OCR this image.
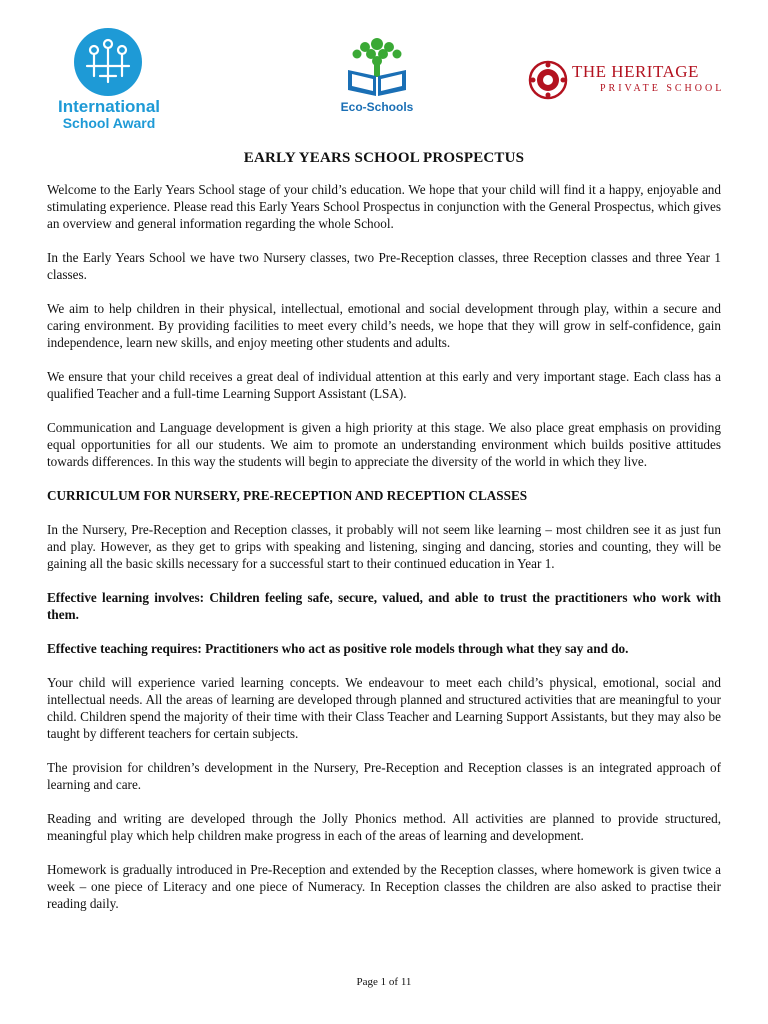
International
School Award
Eco-Schools
THE HERITAGE
PRIVATE SCHOOL
EARLY YEARS SCHOOL PROSPECTUS

Welcome to the Early Years School stage of your child’s education. We hope that your child will find it a happy, enjoyable and stimulating experience. Please read this Early Years School Prospectus in conjunction with the General Prospectus, which gives an overview and general information regarding the whole School.

In the Early Years School we have two Nursery classes, two Pre-Reception classes, three Reception classes and three Year 1 classes.

We aim to help children in their physical, intellectual, emotional and social development through play, within a secure and caring environment. By providing facilities to meet every child’s needs, we hope that they will grow in self-confidence, gain independence, learn new skills, and enjoy meeting other students and adults.

We ensure that your child receives a great deal of individual attention at this early and very important stage. Each class has a qualified Teacher and a full-time Learning Support Assistant (LSA).

Communication and Language development is given a high priority at this stage. We also place great emphasis on providing equal opportunities for all our students. We aim to promote an understanding environment which builds positive attitudes towards differences. In this way the students will begin to appreciate the diversity of the world in which they live.

CURRICULUM FOR NURSERY, PRE-RECEPTION AND RECEPTION CLASSES

In the Nursery, Pre-Reception and Reception classes, it probably will not seem like learning – most children see it as just fun and play. However, as they get to grips with speaking and listening, singing and dancing, stories and counting, they will be gaining all the basic skills necessary for a successful start to their continued education in Year 1.

Effective learning involves: Children feeling safe, secure, valued, and able to trust the practitioners who work with them.

Effective teaching requires: Practitioners who act as positive role models through what they say and do.

Your child will experience varied learning concepts. We endeavour to meet each child’s physical, emotional, social and intellectual needs. All the areas of learning are developed through planned and structured activities that are meaningful to your child. Children spend the majority of their time with their Class Teacher and Learning Support Assistants, but they may also be taught by different teachers for certain subjects.

The provision for children’s development in the Nursery, Pre-Reception and Reception classes is an integrated approach of learning and care.

Reading and writing are developed through the Jolly Phonics method. All activities are planned to provide structured, meaningful play which help children make progress in each of the areas of learning and development.

Homework is gradually introduced in Pre-Reception and extended by the Reception classes, where homework is given twice a week – one piece of Literacy and one piece of Numeracy. In Reception classes the children are also asked to practise their reading daily.

Page 1 of 11
